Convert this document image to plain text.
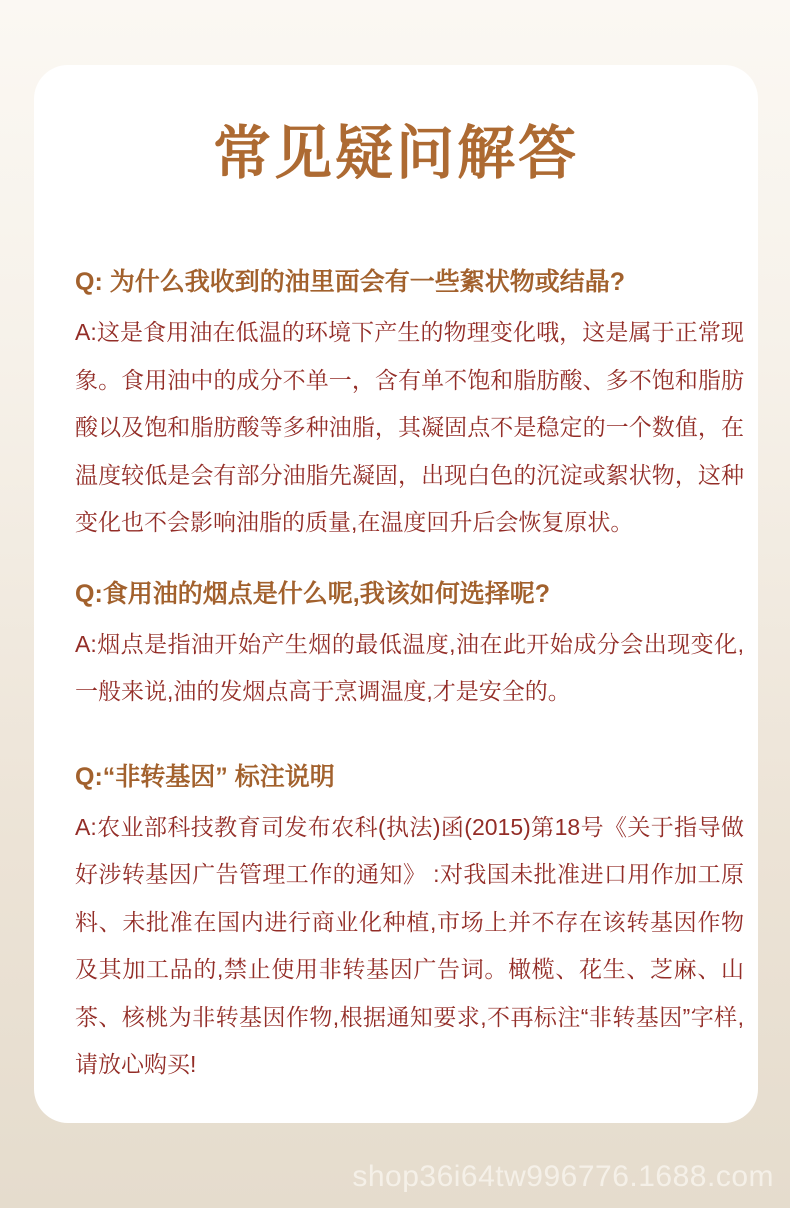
常见疑问解答
Q: 为什么我收到的油里面会有一些絮状物或结晶?

A:这是食用油在低温的环境下产生的物理变化哦，这是属于正常现象。食用油中的成分不单一，含有单不饱和脂肪酸、多不饱和脂肪酸以及饱和脂肪酸等多种油脂，其凝固点不是稳定的一个数值，在温度较低是会有部分油脂先凝固，出现白色的沉淀或絮状物，这种变化也不会影响油脂的质量,在温度回升后会恢复原状。

Q:食用油的烟点是什么呢,我该如何选择呢?

A:烟点是指油开始产生烟的最低温度,油在此开始成分会出现变化,一般来说,油的发烟点高于烹调温度,才是安全的。

Q:“非转基因” 标注说明

A:农业部科技教育司发布农科(执法)函(2015)第18号《关于指导做好涉转基因广告管理工作的通知》 :对我国未批准进口用作加工原料、未批准在国内进行商业化种植,市场上并不存在该转基因作物及其加工品的,禁止使用非转基因广告词。橄榄、花生、芝麻、山茶、核桃为非转基因作物,根据通知要求,不再标注“非转基因”字样,请放心购买!

shop36i64tw996776.1688.com
